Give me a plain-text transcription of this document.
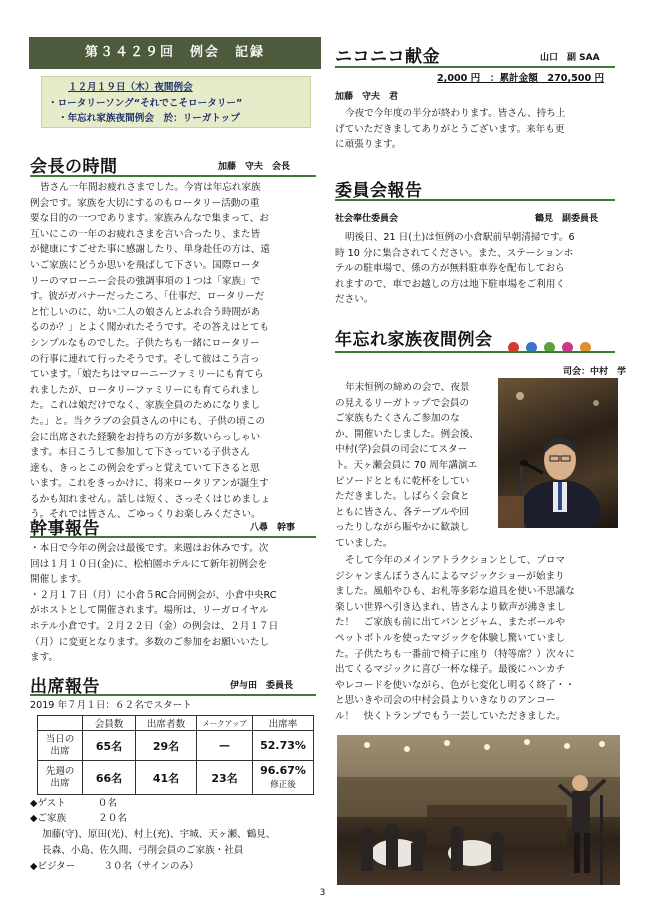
第３４２９回　例会　記録
１２月１９日（木）夜間例会
・ロータリーソング“それでこそロータリー”
・年忘れ家族夜間例会　於：リーガトップ
会長の時間	加藤　守夫　会長
皆さん一年間お疲れさまでした。今宵は年忘れ家族
例会です。家族を大切にするのもロータリー活動の重
要な目的の一つであります。家族みんなで集まって、お
互いにこの一年のお疲れさまを言い合ったり、また皆
が健康にすごせた事に感謝したり、単身赴任の方は、遠
いご家族にどうか思いを飛ばして下さい。国際ロータ
リーのマローニー会長の強調事項の１つは「家族」で
す。彼がガバナーだったころ、「仕事だ、ロータリーだ
と忙しいのに、幼い二人の娘さんとふれ合う時間があ
るのか？」とよく聞かれたそうです。その答えはとても
シンプルなものでした。子供たちも一緒にロータリー
の行事に連れて行ったそうです。そして彼はこう言っ
ています。「娘たちはマローニーファミリーにも育てら
れましたが、ロータリーファミリーにも育てられまし
た。これは娘だけでなく、家族全員のためになりまし
た。」と。当クラブの会員さんの中にも、子供の頃この
会に出席された経験をお持ちの方が多数いらっしゃい
ます。本日こうして参加して下さっている子供さん
達も、きっとこの例会をずっと覚えていて下さると思
います。これをきっかけに、将来ロータリアンが誕生す
るかも知れません。話しは短く、さっそくはじめましょ
う。それでは皆さん、ごゆっくりお楽しみください。
幹事報告	八尋　幹事
・本日で今年の例会は最後です。来週はお休みです。次
回は１月１０日(金)に、松柏園ホテルにて新年初例会を
開催します。
・２月１７日（月）に小倉５RC合同例会が、小倉中央RC
がホストとして開催されます。場所は、リーガロイヤル
ホテル小倉です。２月２２日（金）の例会は、２月１７日
（月）に変更となります。多数のご参加をお願いいたし
ます。
出席報告	伊与田　委員長
2019 年７月１日：６２名でスタート
	会員数	出席者数	メークアップ	出席率
当日の
出席	65名	29名	—	52.73%
先週の
出席	66名	41名	23名	96.67%
修正後
◆ゲスト	０名
◆ご家族	２０名
加藤(守)、原田(光)、村上(充)、宇城、天ヶ瀬、鶴見、
長森、小島、佐久間、弓削会員のご家族・社員
◆ビジター	３０名（サインのみ）
ニコニコ献金	山口　副 SAA
2,000 円　：累計金額　270,500 円
加藤　守夫　君
今夜で今年度の半分が終わります。皆さん、持ち上
げていただきましてありがとうございます。来年も更
に頑張ります。
委員会報告
社会奉仕委員会	鶴見　副委員長
明後日、21 日(土)は恒例の小倉駅前早朝清掃です。6
時 10 分に集合されてください。また、ステーションホ
テルの駐車場で、係の方が無料駐車券を配布しておら
れますので、車でお越しの方は地下駐車場をご利用く
ださい。
年忘れ家族夜間例会
司会：中村　学
年末恒例の締めの会で、夜景
の見えるリーガトップで会員の
ご家族もたくさんご参加のな
か、開催いたしました。例会後、
中村(学)会員の司会にてスター
ト。天ヶ瀬会員に 70 周年講演エ
ピソードとともに乾杯をしてい
ただきました。しばらく会食と
ともに皆さん、各テーブルや回
ったりしながら賑やかに歓談し
ていました。
そして今年のメインアトラクションとして、プロマ
ジシャンまんぼうさんによるマジックショーが始まり
ました。風船やひも、お札等多彩な道具を使い不思議な
楽しい世界へ引き込まれ、皆さんより歓声が沸きまし
た！　ご家族も前に出てパンとジャム、またボールや
ペットボトルを使ったマジックを体験し驚いていまし
た。子供たちも一番前で椅子に座り（特等席？）次々に
出てくるマジックに喜び一杯な様子。最後にハンカチ
やレコードを使いながら、色が七変化し明るく終了・・
と思いきや司会の中村会員よりいきなりのアンコー
ル！　快くトランプでもう一芸していただきました。
3
